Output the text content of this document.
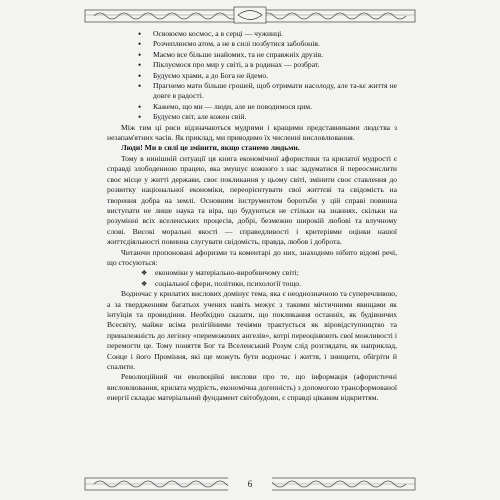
• Освоюємо космос, а в серці — чужинці.
• Розчеплюємо атом, а не в силі позбутися забобонів.
• Маємо все більше знайомих, та не справжніх друзів.
• Піклуємося про мир у світі, а в родинах — розбрат.
• Будуємо храми, а до Бога не йдемо.
• Прагнемо мати більше грошей, щоб отримати насолоду, але та-кє життя не довге в радості.
• Кажемо, що ми — люди, але не поводимося цим.
• Будуємо світ, але кожен свій.

Між тим ці риси відзначаються мудрими і кращими представниками людства з незапам'ятних часів. Як приклад, ми приводимо їх численні висловлювання.

Люди! Ми в силі це змінити, якщо станемо людьми.

Тому в нинішній ситуації ця книга економічної афористики та крилатої мудрості є справді злободенною працею, яка змушує кожного з нас задуматися й переосмислити своє місце у житті держави, своє покликання у цьому світі, змінити своє ставлення до розвитку національної економіки, переорієнтувати свої життєві та свідомість на творення добра на землі. Основним інструментом боротьби у цій справі повинна виступати не лише наука та віра, що будуються не стільки на знаннях, скільки на розумінні всіх вселенських процесів, добрі, безмежно широкій любові та влучному слові. Високі моральні якості — справедливості і критеріями оцінки нашої життєдіяльності повинна слугувати свідомість, правда, любов і доброта.

Читаючи пропоновані афоризми та коментарі до них, знаходимо нібито відомі речі, що стосуються:

❖ економіки у матеріально-виробничому світі;
❖ соціальної сфери, політики, психології тощо.

Водночас у крилатих вислових домінує тема, яка є неоднозначною та суперечливою, а за твердженням багатьох учених навіть межує з такими містичними явищами як інтуїція та провидіння. Необхідно сказати, що покликання останніх, як будівничих Всесвіту, майже всіма релігійними течіями трактується як віровідступництво та приналежність до легіону «переможених ангелів», котрі переоцінюють свої можливості і перемогти це. Тому поняття Бог та Вселенський Розум слід розглядати, як наприклад, Сонце і його Проміння, які ще можуть бути водночас і життя, і знищити, обігріти й спалити.

Революційний чи еволюційні вислови про те, що інформація (афористичні висловлювання, крилата мудрість, економічна догепність) з допомогою трансформованої енергії складає матеріальний фундамент світобудови, є справді цікавим відкриттям.

6
